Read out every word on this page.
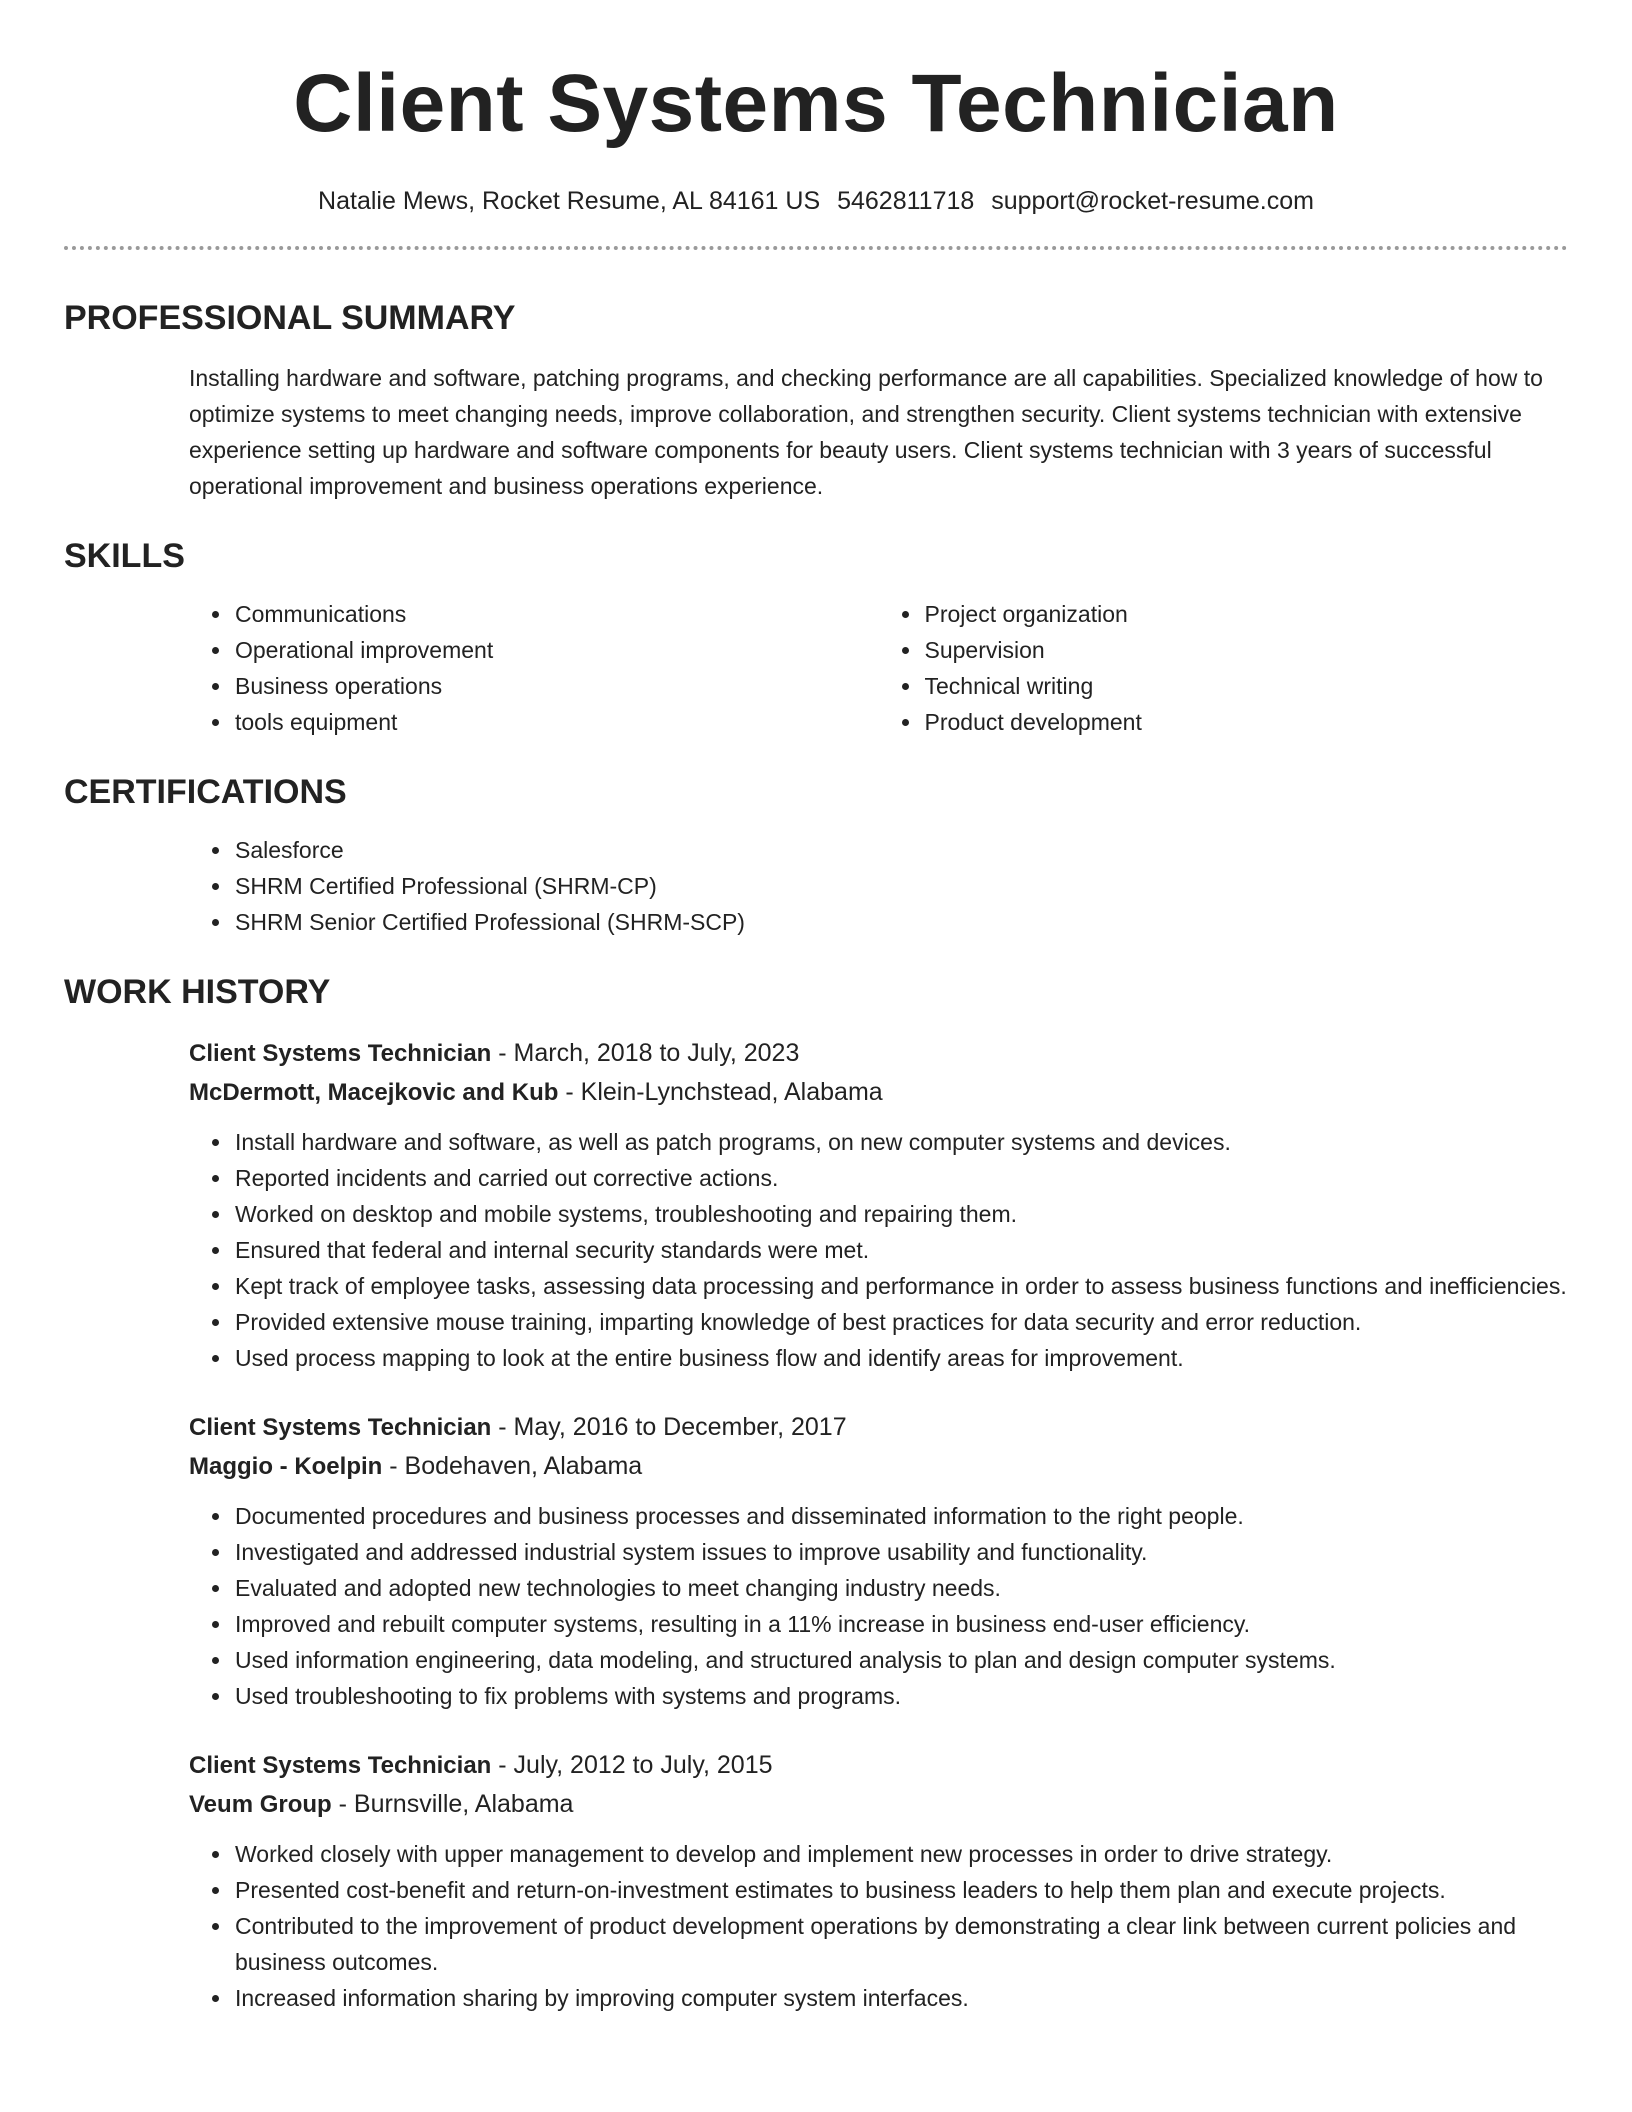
Client Systems Technician
Natalie Mews, Rocket Resume, AL 84161 US 5462811718 support@rocket-resume.com
PROFESSIONAL SUMMARY
Installing hardware and software, patching programs, and checking performance are all capabilities. Specialized knowledge of how to optimize systems to meet changing needs, improve collaboration, and strengthen security. Client systems technician with extensive experience setting up hardware and software components for beauty users. Client systems technician with 3 years of successful operational improvement and business operations experience.
SKILLS
• Communications
• Operational improvement
• Business operations
• tools equipment
• Project organization
• Supervision
• Technical writing
• Product development
CERTIFICATIONS
• Salesforce
• SHRM Certified Professional (SHRM-CP)
• SHRM Senior Certified Professional (SHRM-SCP)
WORK HISTORY
Client Systems Technician - March, 2018 to July, 2023
McDermott, Macejkovic and Kub - Klein-Lynchstead, Alabama
• Install hardware and software, as well as patch programs, on new computer systems and devices.
• Reported incidents and carried out corrective actions.
• Worked on desktop and mobile systems, troubleshooting and repairing them.
• Ensured that federal and internal security standards were met.
• Kept track of employee tasks, assessing data processing and performance in order to assess business functions and inefficiencies.
• Provided extensive mouse training, imparting knowledge of best practices for data security and error reduction.
• Used process mapping to look at the entire business flow and identify areas for improvement.
Client Systems Technician - May, 2016 to December, 2017
Maggio - Koelpin - Bodehaven, Alabama
• Documented procedures and business processes and disseminated information to the right people.
• Investigated and addressed industrial system issues to improve usability and functionality.
• Evaluated and adopted new technologies to meet changing industry needs.
• Improved and rebuilt computer systems, resulting in a 11% increase in business end-user efficiency.
• Used information engineering, data modeling, and structured analysis to plan and design computer systems.
• Used troubleshooting to fix problems with systems and programs.
Client Systems Technician - July, 2012 to July, 2015
Veum Group - Burnsville, Alabama
• Worked closely with upper management to develop and implement new processes in order to drive strategy.
• Presented cost-benefit and return-on-investment estimates to business leaders to help them plan and execute projects.
• Contributed to the improvement of product development operations by demonstrating a clear link between current policies and business outcomes.
• Increased information sharing by improving computer system interfaces.
